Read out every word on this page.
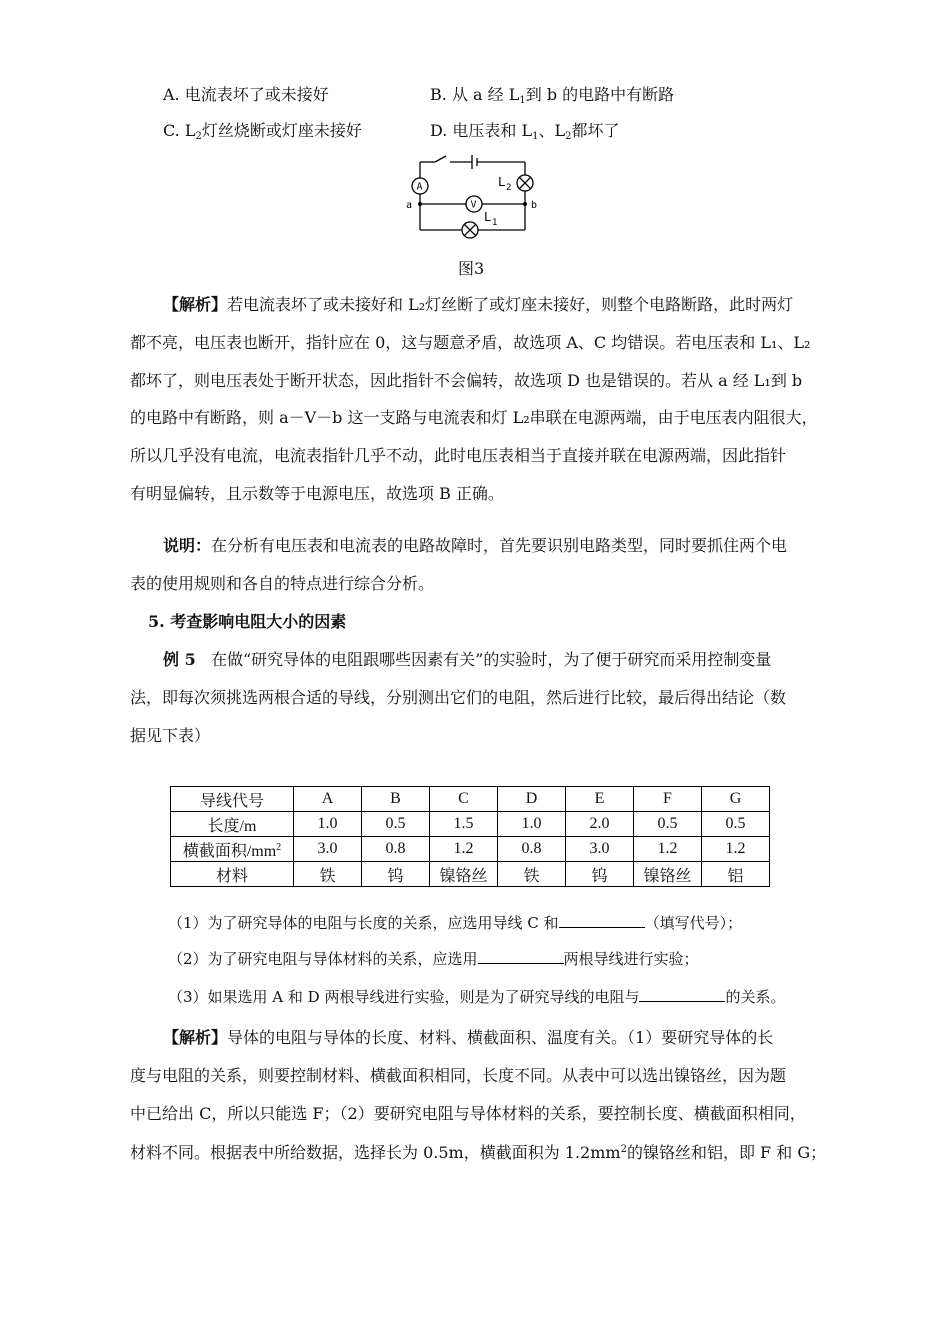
A. 电流表坏了或未接好	B. 从 a 经 $L_1$到 b 的电路中有断路
C. $L_2$灯丝烧断或灯座未接好	D. 电压表和 $L_1$、$L_2$都坏了
A
V
a	b
L 2
L 1
图3
【解析】若电流表坏了或未接好和 L₂灯丝断了或灯座未接好，则整个电路断路，此时两灯
都不亮，电压表也断开，指针应在 0，这与题意矛盾，故选项 A、C 均错误。若电压表和 L₁、L₂
都坏了，则电压表处于断开状态，因此指针不会偏转，故选项 D 也是错误的。若从 a 经 L₁到 b
的电路中有断路，则 a－V－b 这一支路与电流表和灯 L₂串联在电源两端，由于电压表内阻很大，
所以几乎没有电流，电流表指针几乎不动，此时电压表相当于直接并联在电源两端，因此指针
有明显偏转，且示数等于电源电压，故选项 B 正确。
说明：在分析有电压表和电流表的电路故障时，首先要识别电路类型，同时要抓住两个电
表的使用规则和各自的特点进行综合分析。
5. 考查影响电阻大小的因素
例 5 在做“研究导体的电阻跟哪些因素有关”的实验时，为了便于研究而采用控制变量
法，即每次须挑选两根合适的导线，分别测出它们的电阻，然后进行比较，最后得出结论（数
据见下表）
导线代号	A	B	C	D	E	F	G
长度/m	1.0	0.5	1.5	1.0	2.0	0.5	0.5
横截面积$/mm^2$	3.0	0.8	1.2	0.8	3.0	1.2	1.2
材料	铁	钨	镍铬丝	铁	钨	镍铬丝	铝
（1）为了研究导体的电阻与长度的关系，应选用导线 C 和	（填写代号）；
（2）为了研究电阻与导体材料的关系，应选用	两根导线进行实验；
（3）如果选用 A 和 D 两根导线进行实验，则是为了研究导线的电阻与	的关系。
【解析】导体的电阻与导体的长度、材料、横截面积、温度有关。（1）要研究导体的长
度与电阻的关系，则要控制材料、横截面积相同，长度不同。从表中可以选出镍铬丝，因为题
中已给出 C，所以只能选 F；（2）要研究电阻与导体材料的关系，要控制长度、横截面积相同，
材料不同。根据表中所给数据，选择长为 0.5m，横截面积为 $1.2mm^2$的镍铬丝和铝，即 F 和 G；
